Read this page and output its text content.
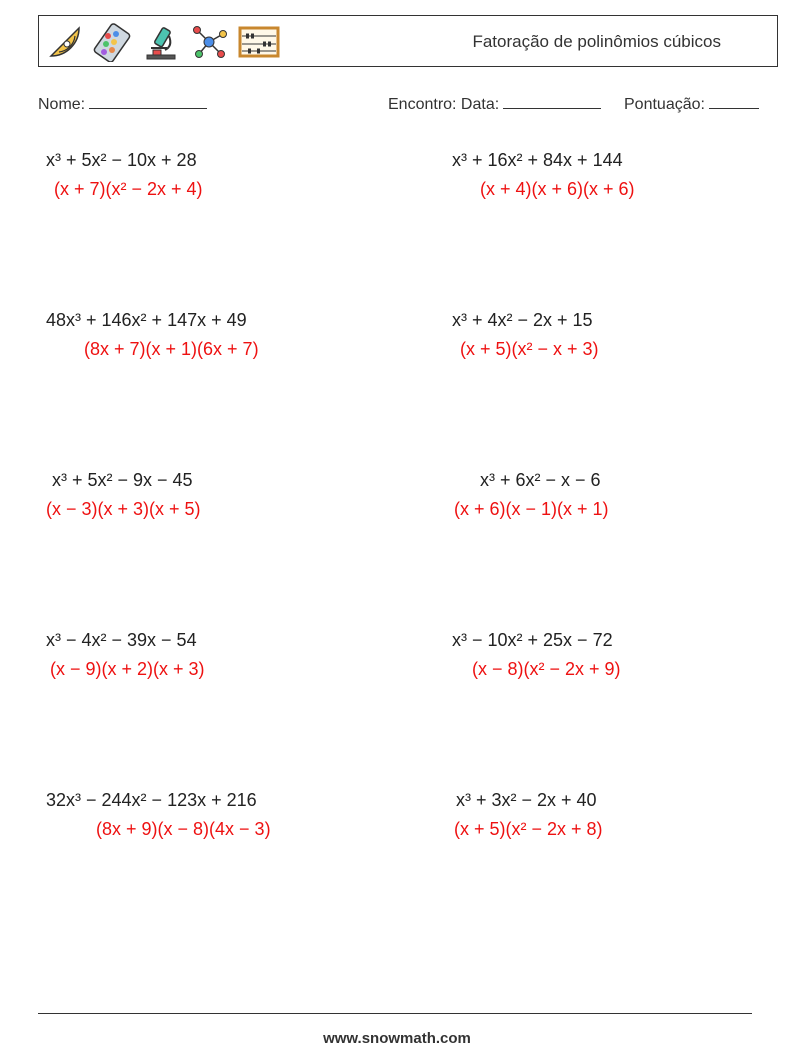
Fatoração de polinômios cúbicos
Nome:	Encontro: Data:	Pontuação:
x³ + 5x² − 10x + 28
(x + 7)(x² − 2x + 4)
48x³ + 146x² + 147x + 49
(8x + 7)(x + 1)(6x + 7)
x³ + 5x² − 9x − 45
(x − 3)(x + 3)(x + 5)
x³ − 4x² − 39x − 54
(x − 9)(x + 2)(x + 3)
32x³ − 244x² − 123x + 216
(8x + 9)(x − 8)(4x − 3)
x³ + 16x² + 84x + 144
(x + 4)(x + 6)(x + 6)
x³ + 4x² − 2x + 15
(x + 5)(x² − x + 3)
x³ + 6x² − x − 6
(x + 6)(x − 1)(x + 1)
x³ − 10x² + 25x − 72
(x − 8)(x² − 2x + 9)
x³ + 3x² − 2x + 40
(x + 5)(x² − 2x + 8)
www.snowmath.com
